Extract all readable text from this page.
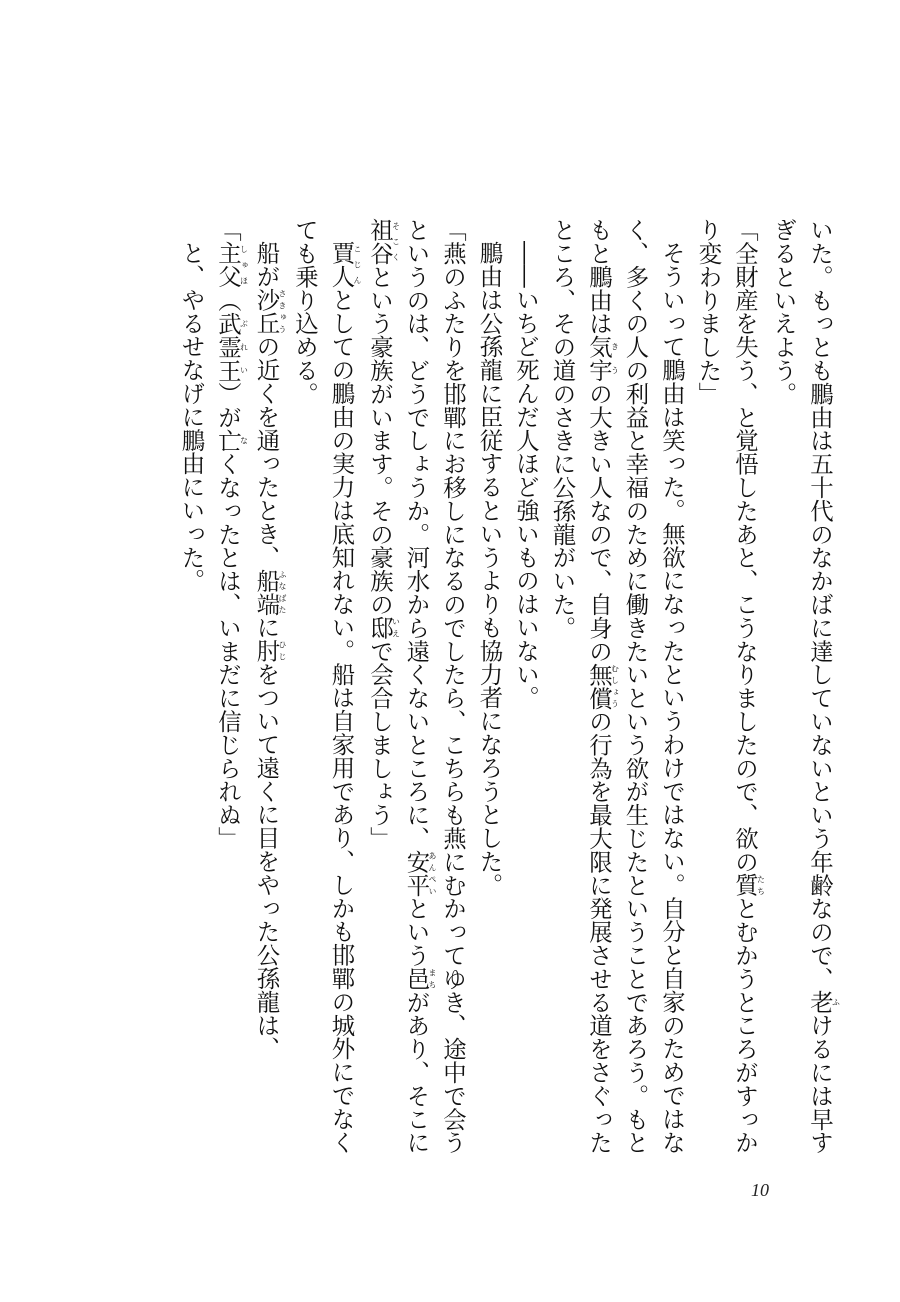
いた。もっとも鵬由は五十代のなかばに達していないという年齢なので、老ふけるには早すぎるといえよう。

「全財産を失う、と覚悟したあと、こうなりましたので、欲の質たちとむかうところがすっかり変わりました」

そういって鵬由は笑った。無欲になったというわけではない。自分と自家のためではなく、多くの人の利益と幸福のために働きたいという欲が生じたということであろう。もともと鵬由は気宇きうの大きい人なので、自身の無償むしょうの行為を最大限に発展させる道をさぐったところ、その道のさきに公孫龍がいた。

――いちど死んだ人ほど強いものはいない。

鵬由は公孫龍に臣従するというよりも協力者になろうとした。

「燕のふたりを邯鄲にお移しになるのでしたら、こちらも燕にむかってゆき、途中で会うというのは、どうでしょうか。河水から遠くないところに、安平あんぺいという邑まちがあり、そこに祖谷そこくという豪族がいます。その豪族の邸いえで会合しましょう」

賈人こじんとしての鵬由の実力は底知れない。船は自家用であり、しかも邯鄲の城外にでなくても乗り込める。

船が沙丘さきゅうの近くを通ったとき、船端ふなばたに肘ひじをついて遠くに目をやった公孫龍は、

「主父しゅほ（武霊王ぶれい）が亡なくなったとは、いまだに信じられぬ」

と、やるせなげに鵬由にいった。

10
